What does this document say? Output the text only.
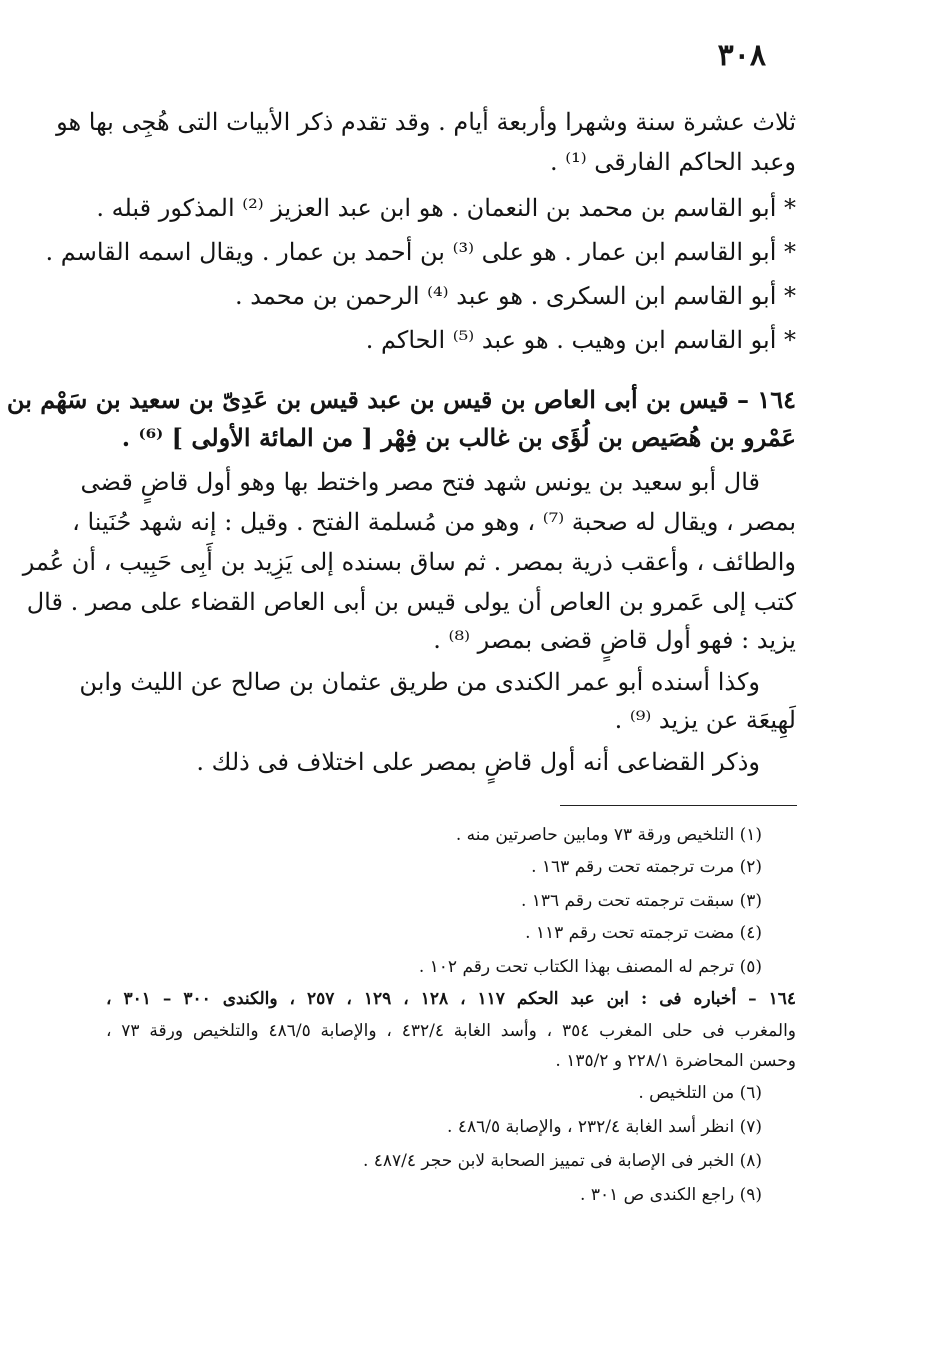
٣٠٨
ثلاث عشرة سنة وشهرا وأربعة أيام . وقد تقدم ذكر الأبيات التى هُجِى بها هو
وعبد الحاكم الفارقى ⁽¹⁾ .
* أبو القاسم بن محمد بن النعمان . هو ابن عبد العزيز ⁽²⁾ المذكور قبله .
* أبو القاسم ابن عمار . هو على ⁽³⁾ بن أحمد بن عمار . ويقال اسمه القاسم .
* أبو القاسم ابن السكرى . هو عبد ⁽⁴⁾ الرحمن بن محمد .
* أبو القاسم ابن وهيب . هو عبد ⁽⁵⁾ الحاكم .
١٦٤ – قيس بن أبى العاص بن قيس بن عبد قيس بن عَدِىّ بن سعيد بن سَهْم بن
عَمْرو بن هُصَيص بن لُؤَى بن غالب بن فِهْر [ من المائة الأولى ] ⁽⁶⁾ .
قال أبو سعيد بن يونس شهد فتح مصر واختط بها وهو أول قاضٍ قضى
بمصر ، ويقال له صحبة ⁽⁷⁾ ، وهو من مُسلمة الفتح . وقيل : إنه شهد حُنَينا ،
والطائف ، وأعقب ذرية بمصر . ثم ساق بسنده إلى يَزِيد بن أَبِى حَبِيب ، أن عُمر
كتب إلى عَمرو بن العاص أن يولى قيس بن أبى العاص القضاء على مصر . قال
يزيد : فهو أول قاضٍ قضى بمصر ⁽⁸⁾ .
وكذا أسنده أبو عمر الكندى من طريق عثمان بن صالح عن الليث وابن
لَهِيعَة عن يزيد ⁽⁹⁾ .
وذكر القضاعى أنه أول قاضٍ بمصر على اختلاف فى ذلك .
(١) التلخيص ورقة ٧٣ ومابين حاصرتين منه .
(٢) مرت ترجمته تحت رقم ١٦٣ .
(٣) سبقت ترجمته تحت رقم ١٣٦ .
(٤) مضت ترجمته تحت رقم ١١٣ .
(٥) ترجم له المصنف بهذا الكتاب تحت رقم ١٠٢ .
١٦٤ – أخباره فى : ابن عبد الحكم ١١٧ ، ١٢٨ ، ١٢٩ ، ٢٥٧ ، والكندى ٣٠٠ – ٣٠١ ،
والمغرب فى حلى المغرب ٣٥٤ ، وأسد الغابة ٤٣٢/٤ ، والإصابة ٤٨٦/٥ والتلخيص ورقة ٧٣ ،
وحسن المحاضرة ٢٢٨/١ و ١٣٥/٢ .
(٦) من التلخيص .
(٧) انظر أسد الغابة ٢٣٢/٤ ، والإصابة ٤٨٦/٥ .
(٨) الخبر فى الإصابة فى تمييز الصحابة لابن حجر ٤٨٧/٤ .
(٩) راجع الكندى ص ٣٠١ .
